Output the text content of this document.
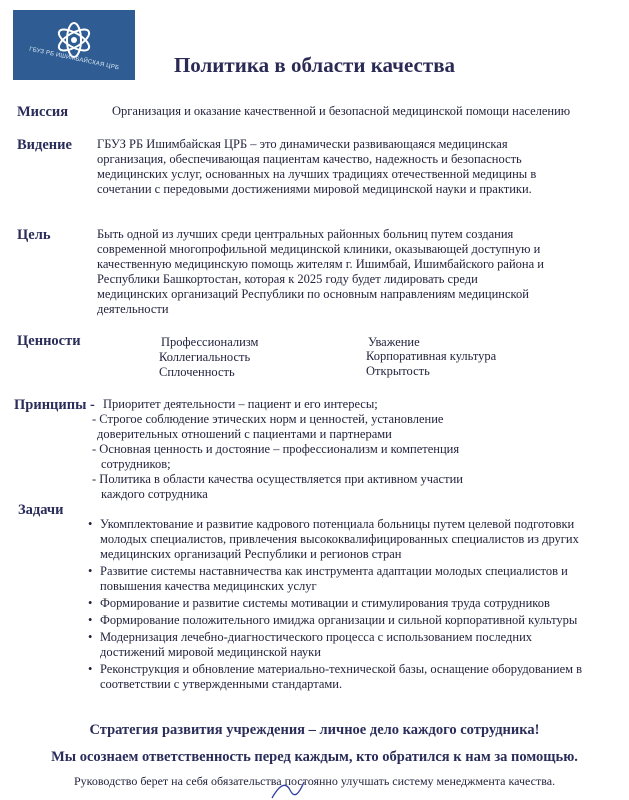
ГБУЗ РБ ИШИМБАЙСКАЯ ЦРБ	Политика в области качества
Миссия	Организация и оказание качественной и безопасной медицинской помощи населению
Видение ГБУЗ РБ Ишимбайская ЦРБ – это динамически развивающаяся медицинская организация, обеспечивающая пациентам качество, надежность и безопасность медицинских услуг, основанных на лучших традициях отечественной медицины в сочетании с передовыми достижениями мировой медицинской науки и практики.

Цель	Быть одной из лучших среди центральных районных больниц путем создания современной многопрофильной медицинской клиники, оказывающей доступную и качественную медицинскую помощь жителям г. Ишимбай, Ишимбайского района и Республики Башкортостан, которая к 2025 году будет лидировать среди медицинских организаций Республики по основным направлениям медицинской деятельности

Ценности	Профессионализм	Уважение
Коллегиальность	Корпоративная культура
Сплоченность	Открытость
Принципы - Приоритет деятельности – пациент и его интересы;
- Строгое соблюдение этических норм и ценностей, установление
доверительных отношений с пациентами и партнерами
- Основная ценность и достояние – профессионализм и компетенция
сотрудников;
- Политика в области качества осуществляется при активном участии
каждого сотрудника
Задачи
• Укомплектование и развитие кадрового потенциала больницы путем целевой подготовки молодых специалистов, привлечения высококвалифицированных специалистов из других медицинских организаций Республики и регионов стран
• Развитие системы наставничества как инструмента адаптации молодых специалистов и повышения качества медицинских услуг
• Формирование и развитие системы мотивации и стимулирования труда сотрудников
• Формирование положительного имиджа организации и сильной корпоративной культуры
• Модернизация лечебно-диагностического процесса с использованием последних достижений мировой медицинской науки
• Реконструкция и обновление материально-технической базы, оснащение оборудованием в соответствии с утвержденными стандартами.

Стратегия развития учреждения – личное дело каждого сотрудника!

Мы осознаем ответственность перед каждым, кто обратился к нам за помощью.

Руководство берет на себя обязательства постоянно улучшать систему менеджмента качества.
